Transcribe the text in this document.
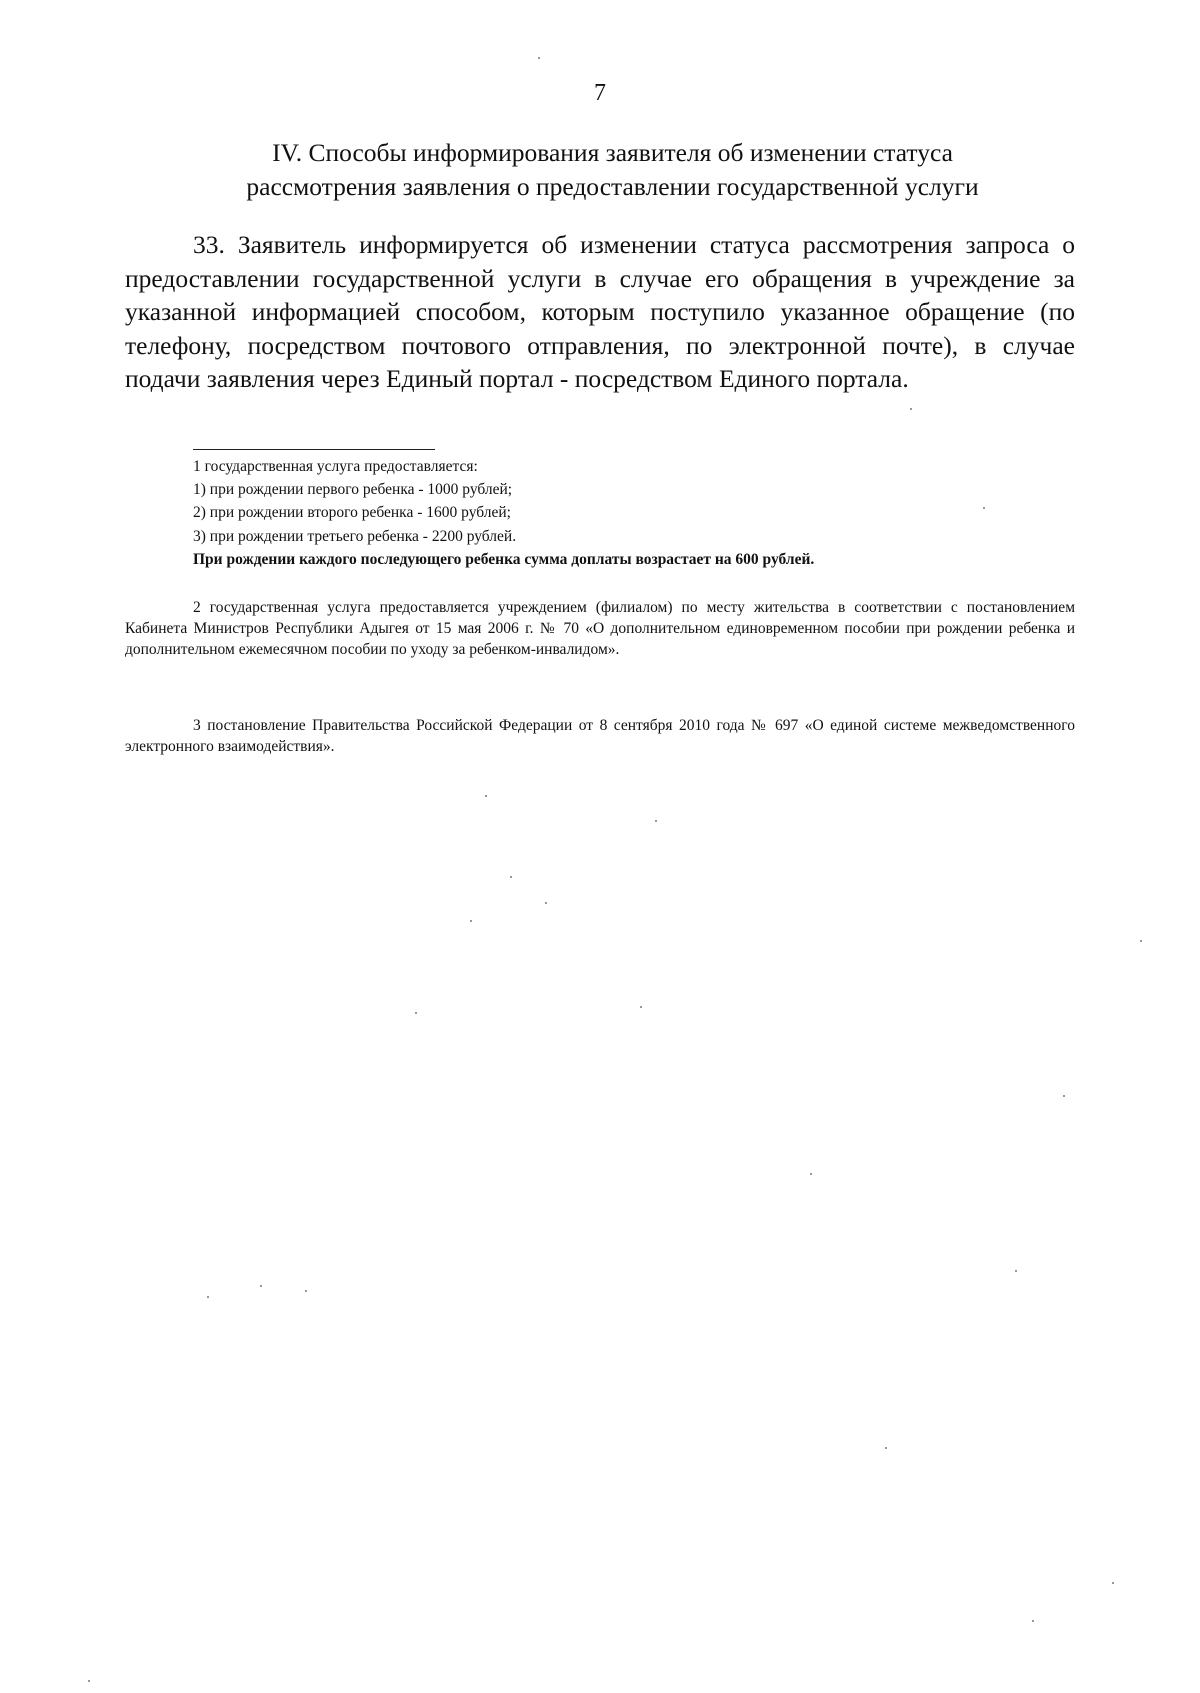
7
IV. Способы информирования заявителя об изменении статуса
рассмотрения заявления о предоставлении государственной услуги

33. Заявитель информируется об изменении статуса рассмотрения запроса о предоставлении государственной услуги в случае его обращения в учреждение за указанной информацией способом, которым поступило указанное обращение (по телефону, посредством почтового отправления, по электронной почте), в случае подачи заявления через Единый портал - посредством Единого портала.

1 государственная услуга предоставляется:
1) при рождении первого ребенка - 1000 рублей;
2) при рождении второго ребенка - 1600 рублей;
3) при рождении третьего ребенка - 2200 рублей.
При рождении каждого последующего ребенка сумма доплаты возрастает на 600 рублей.

2 государственная услуга предоставляется учреждением (филиалом) по месту жительства в соответствии с постановлением Кабинета Министров Республики Адыгея от 15 мая 2006 г. № 70 «О дополнительном единовременном пособии при рождении ребенка и дополнительном ежемесячном пособии по уходу за ребенком-инвалидом».

3 постановление Правительства Российской Федерации от 8 сентября 2010 года № 697 «О единой системе межведомственного электронного взаимодействия».
